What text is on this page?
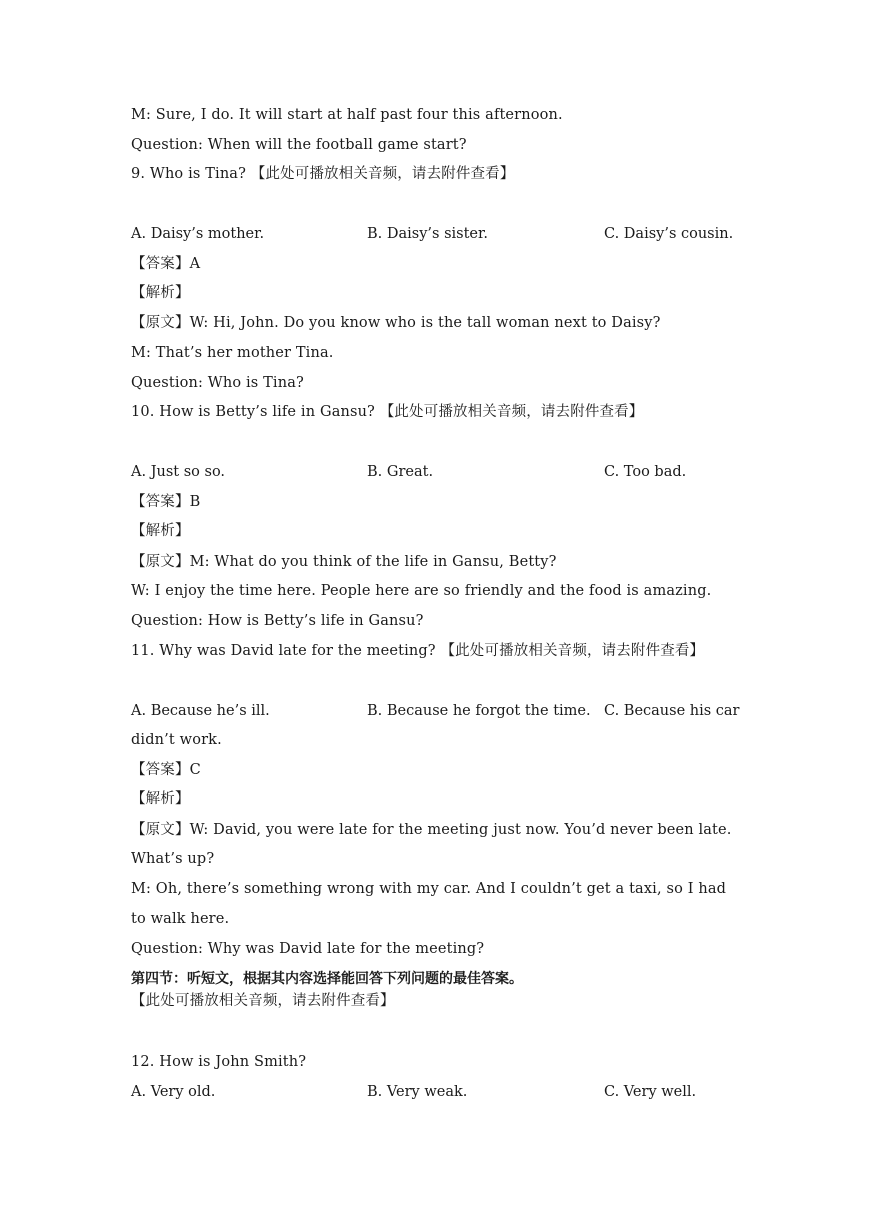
M: Sure, I do. It will start at half past four this afternoon.
Question: When will the football game start?
9. Who is Tina? 【此处可播放相关音频，请去附件查看】
A. Daisy’s mother.	B. Daisy’s sister.	C. Daisy’s cousin.
【答案】A
【解析】
【原文】W: Hi, John. Do you know who is the tall woman next to Daisy?
M: That’s her mother Tina.
Question: Who is Tina?
10. How is Betty’s life in Gansu? 【此处可播放相关音频，请去附件查看】
A. Just so so.	B. Great.	C. Too bad.
【答案】B
【解析】
【原文】M: What do you think of the life in Gansu, Betty?
W: I enjoy the time here. People here are so friendly and the food is amazing.
Question: How is Betty’s life in Gansu?
11. Why was David late for the meeting? 【此处可播放相关音频，请去附件查看】
A. Because he’s ill.	B. Because he forgot the time. C. Because his car
didn’t work.
【答案】C
【解析】
【原文】W: David, you were late for the meeting just now. You’d never been late.
What’s up?
M: Oh, there’s something wrong with my car. And I couldn’t get a taxi, so I had
to walk here.
Question: Why was David late for the meeting?
第四节：听短文，根据其内容选择能回答下列问题的最佳答案。
【此处可播放相关音频，请去附件查看】
12. How is John Smith?
A. Very old.	B. Very weak.	C. Very well.
